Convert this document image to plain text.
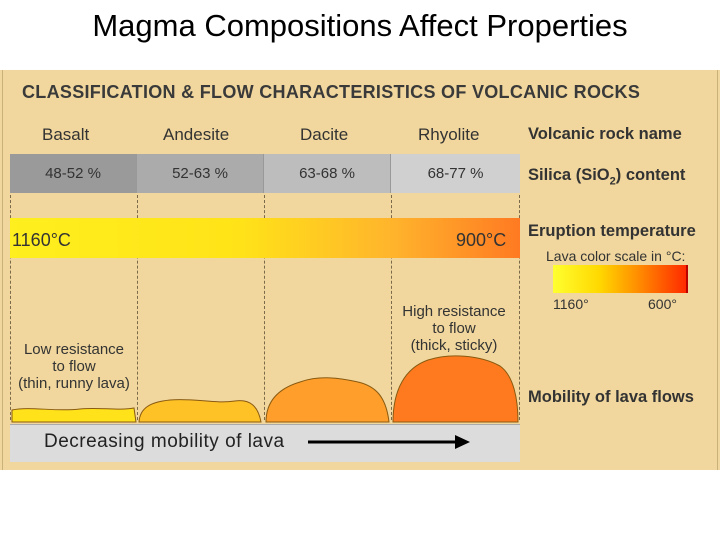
Magma Compositions Affect Properties
CLASSIFICATION & FLOW CHARACTERISTICS OF VOLCANIC ROCKS
Basalt	Andesite	Dacite	Rhyolite	Volcanic rock name
48-52 %	52-63 %	63-68 %	68-77 %	Silica (SiO$_2$) content
1160°C	900°C Eruption temperature
Lava color scale in °C:
1160°	600°
Low resistance
to flow
(thin, runny lava)
High resistance
to flow
(thick, sticky)
Mobility of lava flows
Decreasing mobility of lava
